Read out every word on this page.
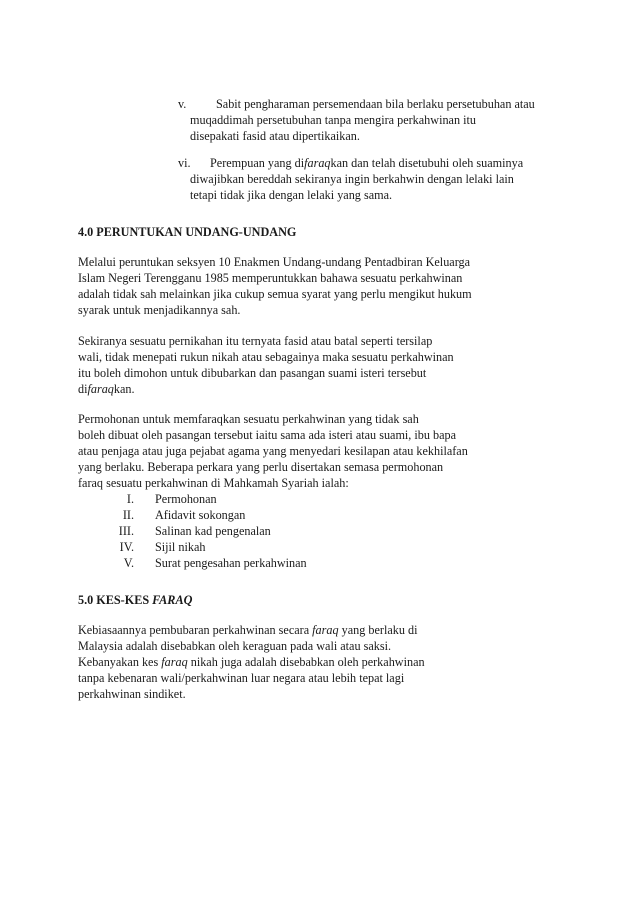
v. Sabit pengharaman persemendaan bila berlaku persetubuhan atau
muqaddimah persetubuhan tanpa mengira perkahwinan itu
disepakati fasid atau dipertikaikan.
vi. Perempuan yang difaraqkan dan telah disetubuhi oleh suaminya
diwajibkan bereddah sekiranya ingin berkahwin dengan lelaki lain
tetapi tidak jika dengan lelaki yang sama.
4.0 PERUNTUKAN UNDANG-UNDANG
Melalui peruntukan seksyen 10 Enakmen Undang-undang Pentadbiran Keluarga
Islam Negeri Terengganu 1985 memperuntukkan bahawa sesuatu perkahwinan
adalah tidak sah melainkan jika cukup semua syarat yang perlu mengikut hukum
syarak untuk menjadikannya sah.
Sekiranya sesuatu pernikahan itu ternyata fasid atau batal seperti tersilap
wali, tidak menepati rukun nikah atau sebagainya maka sesuatu perkahwinan
itu boleh dimohon untuk dibubarkan dan pasangan suami isteri tersebut
difaraqkan.
Permohonan untuk memfaraqkan sesuatu perkahwinan yang tidak sah
boleh dibuat oleh pasangan tersebut iaitu sama ada isteri atau suami, ibu bapa
atau penjaga atau juga pejabat agama yang menyedari kesilapan atau kekhilafan
yang berlaku. Beberapa perkara yang perlu disertakan semasa permohonan
faraq sesuatu perkahwinan di Mahkamah Syariah ialah:
I. Permohonan
II. Afidavit sokongan
III. Salinan kad pengenalan
IV. Sijil nikah
V. Surat pengesahan perkahwinan
5.0 KES-KES FARAQ
Kebiasaannya pembubaran perkahwinan secara faraq yang berlaku di
Malaysia adalah disebabkan oleh keraguan pada wali atau saksi.
Kebanyakan kes faraq nikah juga adalah disebabkan oleh perkahwinan
tanpa kebenaran wali/perkahwinan luar negara atau lebih tepat lagi
perkahwinan sindiket.
